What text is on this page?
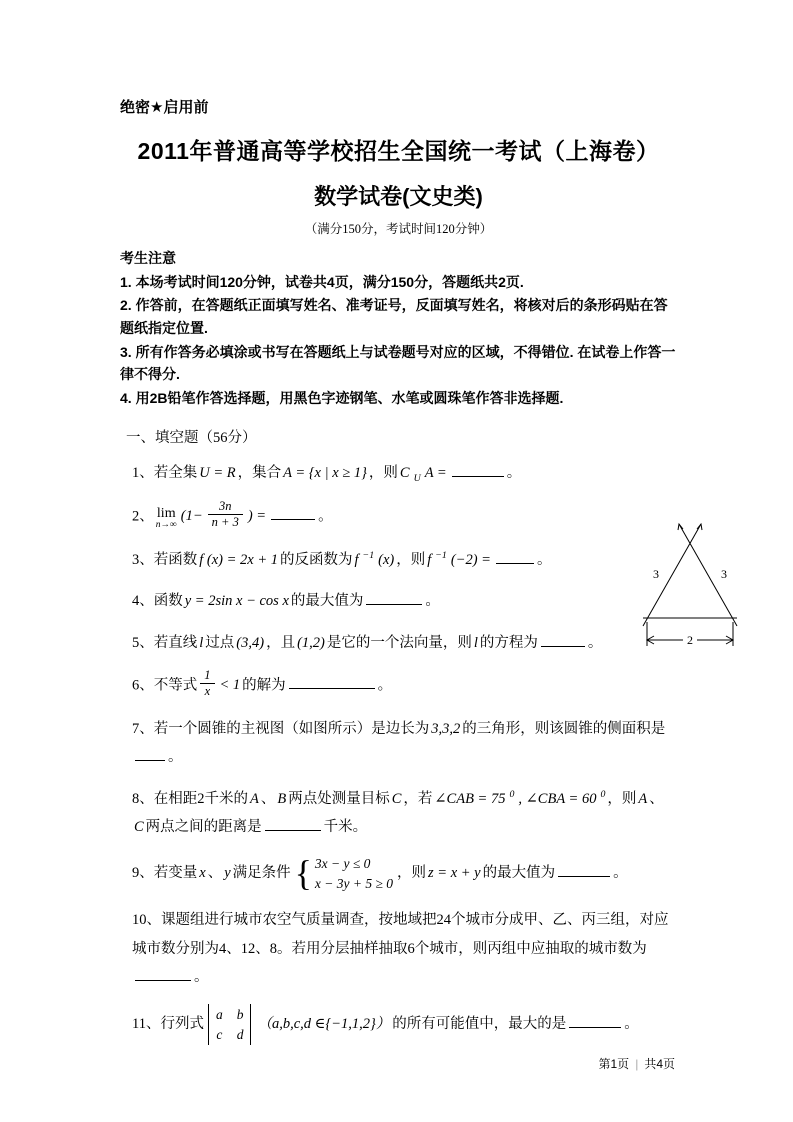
绝密★启用前
2011年普通高等学校招生全国统一考试（上海卷）
数学试卷(文史类)
（满分150分，考试时间120分钟）
考生注意
1. 本场考试时间120分钟，试卷共4页，满分150分，答题纸共2页.
2. 作答前，在答题纸正面填写姓名、准考证号，反面填写姓名，将核对后的条形码贴在答题纸指定位置.
3. 所有作答务必填涂或书写在答题纸上与试卷题号对应的区域，不得错位. 在试卷上作答一律不得分.
4. 用2B铅笔作答选择题，用黑色字迹钢笔、水笔或圆珠笔作答非选择题.
一、填空题（56分）
1、若全集 U = R ，集合 A = {x | x ≥ 1} ，则 C $_U$ A =	。
2、 lim
n→∞
($1- \frac{3n}{n + 3}$ ) =	。
3、若函数 f (x) = 2x + 1 的反函数为 f $^{-1}$ (x) ，则 f $^{-1}$ (−2) =	。
4、函数 y = 2sin x − cos x 的最大值为	。
5、若直线 l 过点 (3,4) ，且 (1,2) 是它的一个法向量，则 l 的方程为	。
6、不等式 $\frac{1}{x} < 1$ 的解为	。
7、若一个圆锥的主视图（如图所示）是边长为 3,3,2 的三角形，则该圆锥的侧面积是。
8、在相距2千米的 A 、 B 两点处测量目标 C ，若 ∠CAB = 75 $^0$ , ∠CBA = 60 $^0$ ，则 A 、C 两点之间的距离是	千米。
9、若变量 x 、 y 满足条件 { 3x − y ≤ 0
x − 3y + 5 ≥ 0
，则 z = x + y 的最大值为	。
10、课题组进行城市农空气质量调查，按地域把24个城市分成甲、乙、丙三组，对应城市数分别为4、12、8。若用分层抽样抽取6个城市，则丙组中应抽取的城市数为。
11、行列式
a b
c d
（a,b,c,d ∈{−1,1,2}） 的所有可能值中，最大的是	。
3	3
2
第1页 | 共4页
